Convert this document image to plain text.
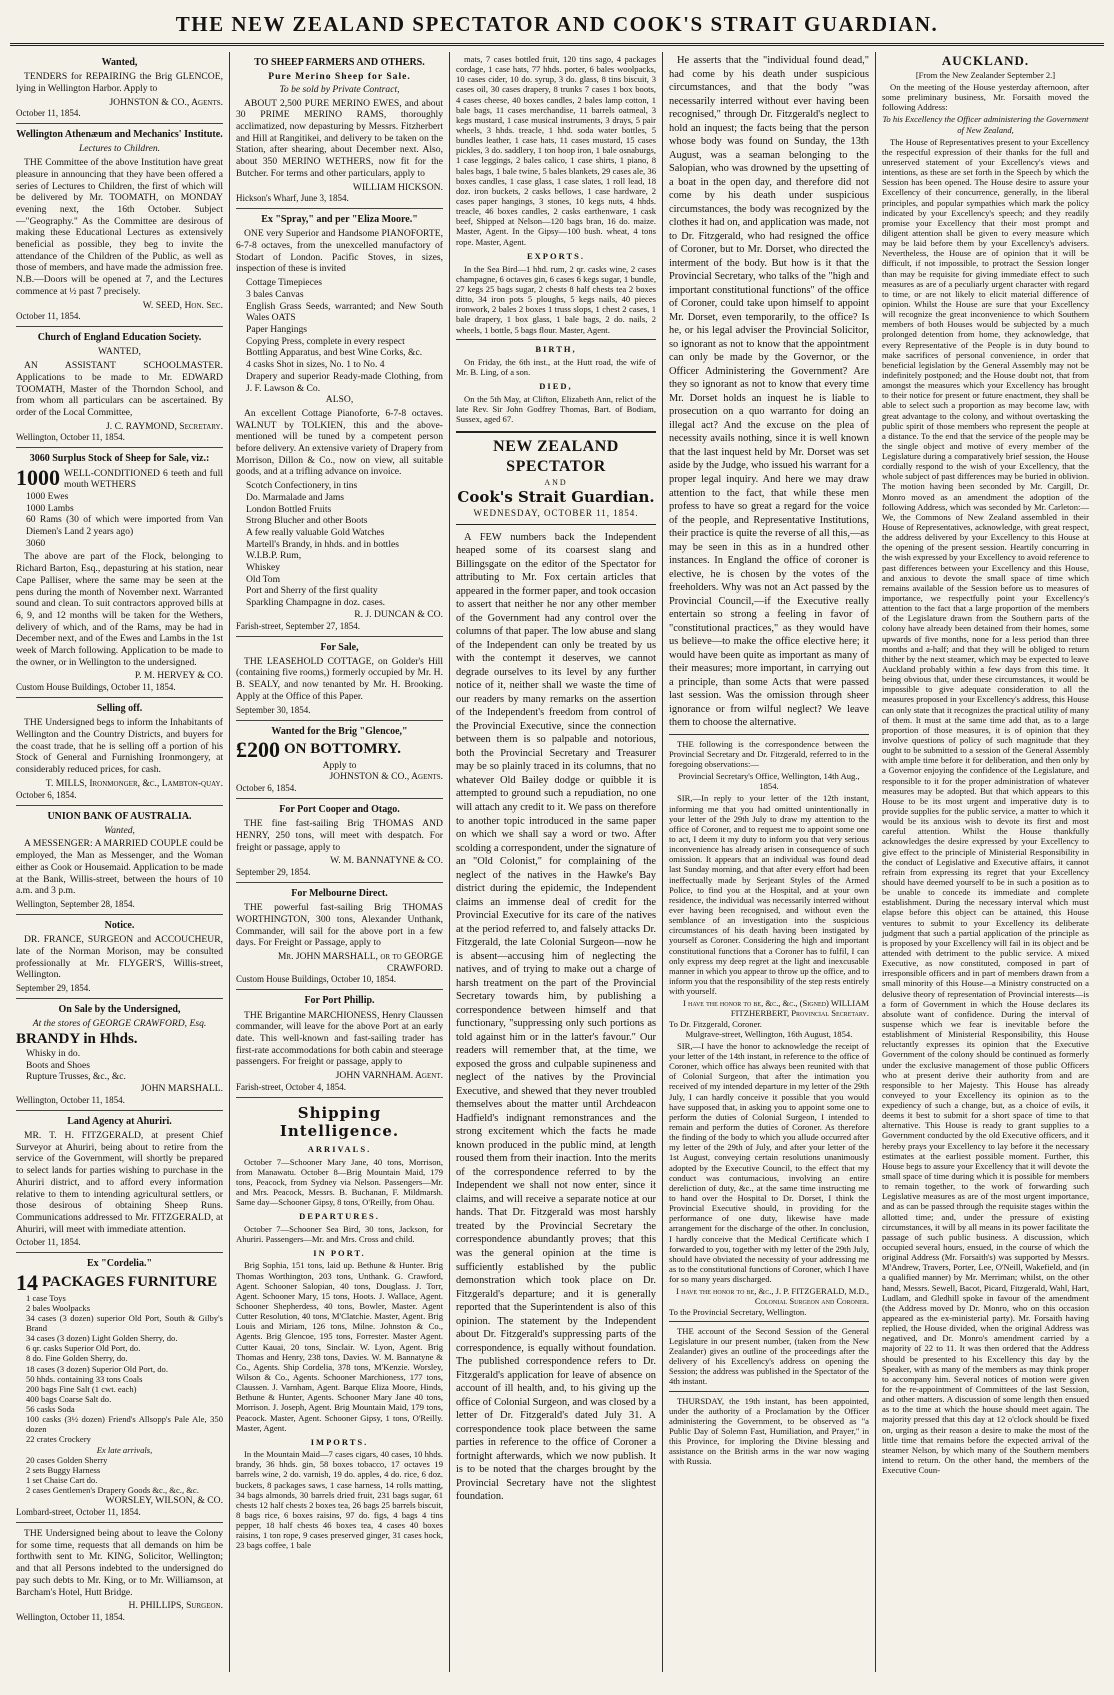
THE NEW ZEALAND SPECTATOR AND COOK'S STRAIT GUARDIAN.
Wanted,

TENDERS for REPAIRING the Brig GLENCOE, lying in Wellington Harbor. Apply to

JOHNSTON & CO., Agents.
October 11, 1854.
Wellington Athenæum and Mechanics' Institute.
Lectures to Children.

THE Committee of the above Institution have great pleasure in announcing that they have been offered a series of Lectures to Children, the first of which will be delivered by Mr. TOOMATH, on MONDAY evening next, the 16th October. Subject—"Geography." As the Committee are desirous of making these Educational Lectures as extensively beneficial as possible, they beg to invite the attendance of the Children of the Public, as well as those of members, and have made the admission free. N.B.—Doors will be opened at 7, and the Lectures commence at ½ past 7 precisely.

W. SEED, Hon. Sec.
October 11, 1854.
Church of England Education Society.
WANTED,

AN ASSISTANT SCHOOLMASTER. Applications to be made to Mr. EDWARD TOOMATH, Master of the Thorndon School, and from whom all particulars can be ascertained. By order of the Local Committee,

J. C. RAYMOND, Secretary.
Wellington, October 11, 1854.
3060 Surplus Stock of Sheep for Sale, viz.:
1000 WELL-CONDITIONED 6 teeth and full mouth WETHERS
1000 Ewes
1000 Lambs
60 Rams (30 of which were imported from Van Diemen's Land 2 years ago)
3060

The above are part of the Flock, belonging to Richard Barton, Esq., depasturing at his station, near Cape Palliser, where the same may be seen at the pens during the month of November next. Warranted sound and clean. To suit contractors approved bills at 6, 9, and 12 months will be taken for the Wethers, delivery of which, and of the Rams, may be had in December next, and of the Ewes and Lambs in the 1st week of March following. Application to be made to the owner, or in Wellington to the undersigned.

P. M. HERVEY & CO.
Custom House Buildings, October 11, 1854.
Selling off.

THE Undersigned begs to inform the Inhabitants of Wellington and the Country Districts, and buyers for the coast trade, that he is selling off a portion of his Stock of General and Furnishing Ironmongery, at considerably reduced prices, for cash.

T. MILLS, Ironmonger, &c., Lambton-quay.
October 6, 1854.
UNION BANK OF AUSTRALIA.
Wanted,

A MESSENGER: A MARRIED COUPLE could be employed, the Man as Messenger, and the Woman either as Cook or Housemaid. Application to be made at the Bank, Willis-street, between the hours of 10 a.m. and 3 p.m.

Wellington, September 28, 1854.
Notice.

DR. FRANCE, SURGEON and ACCOUCHEUR, late of the Norman Morison, may be consulted professionally at Mr. FLYGER'S, Willis-street, Wellington.

September 29, 1854.
On Sale by the Undersigned,
At the stores of GEORGE CRAWFORD, Esq.
BRANDY in Hhds.
Whisky in do.
Boots and Shoes
Rupture Trusses, &c., &c.
JOHN MARSHALL.
Wellington, October 11, 1854.
Land Agency at Ahuriri.

MR. T. H. FITZGERALD, at present Chief Surveyor at Ahuriri, being about to retire from the service of the Government, will shortly be prepared to select lands for parties wishing to purchase in the Ahuriri district, and to afford every information relative to them to intending agricultural settlers, or those desirous of obtaining Sheep Runs. Communications addressed to Mr. FITZGERALD, at Ahuriri, will meet with immediate attention.

October 11, 1854.
Ex "Cordelia."
14 PACKAGES FURNITURE
1 case Toys
2 bales Woolpacks
34 cases (3 dozen) superior Old Port, South & Gilby's Brand
34 cases (3 dozen) Light Golden Sherry, do.
6 qr. casks Superior Old Port, do.
8 do. Fine Golden Sherry, do.
18 cases (3 dozen) Superior Old Port, do.
50 hhds. containing 33 tons Coals
200 bags Fine Salt (1 cwt. each)
400 bags Coarse Salt do.
56 casks Soda
100 casks (3½ dozen) Friend's Allsopp's Pale Ale, 350 dozen
22 crates Crockery
Ex late arrivals,
20 cases Golden Sherry
2 sets Buggy Harness
1 set Chaise Cart do.
2 cases Gentlemen's Drapery Goods &c., &c., &c.
WORSLEY, WILSON, & CO.
Lombard-street, October 11, 1854.

THE Undersigned being about to leave the Colony for some time, requests that all demands on him be forthwith sent to Mr. KING, Solicitor, Wellington; and that all Persons indebted to the undersigned do pay such debts to Mr. King, or to Mr. Williamson, at Barcham's Hotel, Hutt Bridge.

H. PHILLIPS, Surgeon.
Wellington, October 11, 1854.
TO SHEEP FARMERS AND OTHERS.
Pure Merino Sheep for Sale.
To be sold by Private Contract,

ABOUT 2,500 PURE MERINO EWES, and about 30 PRIME MERINO RAMS, thoroughly acclimatized, now depasturing by Messrs. Fitzherbert and Hill at Rangitikei, and delivery to be taken on the Station, after shearing, about December next. Also, about 350 MERINO WETHERS, now fit for the Butcher. For terms and other particulars, apply to

WILLIAM HICKSON.
Hickson's Wharf, June 3, 1854.
Ex "Spray," and per "Eliza Moore."

ONE very Superior and Handsome PIANOFORTE, 6-7-8 octaves, from the unexcelled manufactory of Stodart of London. Pacific Stoves, in sizes, inspection of these is invited

Cottage Timepieces
3 bales Canvas
English Grass Seeds, warranted; and New South Wales OATS
Paper Hangings
Copying Press, complete in every respect
Bottling Apparatus, and best Wine Corks, &c.
4 casks Shot in sizes, No. 1 to No. 4
Drapery and superior Ready-made Clothing, from J. F. Lawson & Co.
ALSO,

An excellent Cottage Pianoforte, 6-7-8 octaves. WALNUT by TOLKIEN, this and the above-mentioned will be tuned by a competent person before delivery. An extensive variety of Drapery from Morrison, Dillon & Co., now on view, all suitable goods, and at a trifling advance on invoice.

Scotch Confectionery, in tins
Do. Marmalade and Jams
London Bottled Fruits
Strong Blucher and other Boots
A few really valuable Gold Watches
Martell's Brandy, in hhds. and in bottles
W.I.B.P. Rum,
Whiskey
Old Tom
Port and Sherry of the first quality
Sparkling Champagne in doz. cases.
R. J. DUNCAN & CO.
Farish-street, September 27, 1854.
For Sale,

THE LEASEHOLD COTTAGE, on Golder's Hill (containing five rooms,) formerly occupied by Mr. H. B. SEALY, and now tenanted by Mr. H. Brooking. Apply at the Office of this Paper.

September 30, 1854.
Wanted for the Brig "Glencoe,"
£200 ON BOTTOMRY.
Apply to
JOHNSTON & CO., Agents.
October 6, 1854.
For Port Cooper and Otago.

THE fine fast-sailing Brig THOMAS AND HENRY, 250 tons, will meet with despatch. For freight or passage, apply to

W. M. BANNATYNE & CO.
September 29, 1854.
For Melbourne Direct.

THE powerful fast-sailing Brig THOMAS WORTHINGTON, 300 tons, Alexander Unthank, Commander, will sail for the above port in a few days. For Freight or Passage, apply to

Mr. JOHN MARSHALL, or to GEORGE CRAWFORD.
Custom House Buildings, October 10, 1854.
For Port Phillip.

THE Brigantine MARCHIONESS, Henry Claussen commander, will leave for the above Port at an early date. This well-known and fast-sailing trader has first-rate accommodations for both cabin and steerage passengers. For freight or passage, apply to

JOHN VARNHAM. Agent.
Farish-street, October 4, 1854.
Shipping Intelligence.
ARRIVALS.

October 7—Schooner Mary Jane, 40 tons, Morrison, from Manawatu. October 8—Brig Mountain Maid, 179 tons, Peacock, from Sydney via Nelson. Passengers—Mr. and Mrs. Peacock, Messrs. B. Buchanan, F. Mildmarsh. Same day—Schooner Gipsy, 8 tons, O'Reilly, from Ohau.

DEPARTURES.

October 7—Schooner Sea Bird, 30 tons, Jackson, for Ahuriri. Passengers—Mr. and Mrs. Cross and child.

IN PORT.

Brig Sophia, 151 tons, laid up. Bethune & Hunter. Brig Thomas Worthington, 203 tons, Unthank. G. Crawford, Agent. Schooner Salopian, 40 tons, Douglass. J. Torr, Agent. Schooner Mary, 15 tons, Hoots. J. Wallace, Agent. Schooner Shepherdess, 40 tons, Bowler, Master. Agent Cutter Resolution, 40 tons, M'Clatchie. Master, Agent. Brig Louis and Miriam, 126 tons, Milne. Johnston & Co., Agents. Brig Glencoe, 195 tons, Forrester. Master Agent. Cutter Kauai, 20 tons, Sinclair. W. Lyon, Agent. Brig Thomas and Henry, 238 tons, Davies. W. M. Bannatyne & Co., Agents. Ship Cordelia, 378 tons, M'Kenzie. Worsley, Wilson & Co., Agents. Schooner Marchioness, 177 tons, Claussen. J. Varnham, Agent. Barque Eliza Moore, Hinds, Bethune & Hunter, Agents. Schooner Mary Jane 40 tons, Morrison. J. Joseph, Agent. Brig Mountain Maid, 179 tons, Peacock. Master, Agent. Schooner Gipsy, 1 tons, O'Reilly. Master, Agent.

IMPORTS.

In the Mountain Maid—7 cases cigars, 40 cases, 10 hhds. brandy, 36 hhds. gin, 58 boxes tobacco, 17 octaves 19 barrels wine, 2 do. varnish, 19 do. apples, 4 do. rice, 6 doz. buckets, 8 packages saws, 1 case harness, 14 rolls matting, 34 bags almonds, 30 barrels dried fruit, 231 bags sugar, 61 chests 12 half chests 2 boxes tea, 26 bags 25 barrels biscuit, 8 bags rice, 6 boxes raisins, 97 do. figs, 4 bags 4 tins pepper, 18 half chests 46 boxes tea, 4 cases 40 boxes raisins, 1 ton rope, 9 cases preserved ginger, 31 cases hock, 23 bags coffee, 1 bale

mats, 7 cases bottled fruit, 120 tins sago, 4 packages cordage, 1 case hats, 77 hhds. porter, 6 bales woolpacks, 10 cases cider, 10 do. syrup, 3 do. glass, 8 tins biscuit, 3 cases oil, 30 cases drapery, 8 trunks 7 cases 1 box boots, 4 cases cheese, 40 boxes candles, 2 bales lamp cotton, 1 bale bags, 11 cases merchandise, 11 barrels oatmeal, 3 kegs mustard, 1 case musical instruments, 3 drays, 5 pair wheels, 3 hhds. treacle, 1 hhd. soda water bottles, 5 bundles leather, 1 case hats, 11 cases mustard, 15 cases pickles, 3 do. saddlery, 1 ton hoop iron, 1 bale osnaburgs, 1 case leggings, 2 bales calico, 1 case shirts, 1 piano, 8 bales bags, 1 bale twine, 5 bales blankets, 29 cases ale, 36 boxes candles, 1 case glass, 1 case slates, 1 roll lead, 18 doz. iron buckets, 2 casks bellows, 1 case hardware, 2 cases paper hangings, 3 stones, 10 kegs nuts, 4 hhds. treacle, 46 boxes candles, 2 casks earthenware, 1 cask beef, Shipped at Nelson—120 bags bran, 16 do. maize. Master, Agent. In the Gipsy—100 bush. wheat, 4 tons rope. Master, Agent.

EXPORTS.

In the Sea Bird—1 hhd. rum, 2 qr. casks wine, 2 cases champagne, 6 octaves gin, 6 cases 6 kegs sugar, 1 bundle, 27 kegs 25 bags sugar, 2 chests 8 half chests tea 2 boxes ditto, 34 iron pots 5 ploughs, 5 kegs nails, 40 pieces ironwork, 2 bales 2 boxes 1 truss slops, 1 chest 2 cases, 1 bale drapery, 1 box glass, 1 bale bags, 2 do. nails, 2 wheels, 1 bottle, 5 bags flour. Master, Agent.

BIRTH,

On Friday, the 6th inst., at the Hutt road, the wife of Mr. B. Ling, of a son.

DIED,

On the 5th May, at Clifton, Elizabeth Ann, relict of the late Rev. Sir John Godfrey Thomas, Bart. of Bodiam, Sussex, aged 67.

NEW ZEALAND SPECTATOR
AND
Cook's Strait Guardian.
WEDNESDAY, OCTOBER 11, 1854.

A FEW numbers back the Independent heaped some of its coarsest slang and Billingsgate on the editor of the Spectator for attributing to Mr. Fox certain articles that appeared in the former paper, and took occasion to assert that neither he nor any other member of the Government had any control over the columns of that paper. The low abuse and slang of the Independent can only be treated by us with the contempt it deserves, we cannot degrade ourselves to its level by any further notice of it, neither shall we waste the time of our readers by many remarks on the assertion of the Independent's freedom from control of the Provincial Executive, since the connection between them is so palpable and notorious, both the Provincial Secretary and Treasurer may be so plainly traced in its columns, that no whatever Old Bailey dodge or quibble it is attempted to ground such a repudiation, no one will attach any credit to it. We pass on therefore to another topic introduced in the same paper on which we shall say a word or two. After scolding a correspondent, under the signature of an "Old Colonist," for complaining of the neglect of the natives in the Hawke's Bay district during the epidemic, the Independent claims an immense deal of credit for the Provincial Executive for its care of the natives at the period referred to, and falsely attacks Dr. Fitzgerald, the late Colonial Surgeon—now he is absent—accusing him of neglecting the natives, and of trying to make out a charge of harsh treatment on the part of the Provincial Secretary towards him, by publishing a correspondence between himself and that functionary, "suppressing only such portions as told against him or in the latter's favour." Our readers will remember that, at the time, we exposed the gross and culpable supineness and neglect of the natives by the Provincial Executive, and shewed that they never troubled themselves about the matter until Archdeacon Hadfield's indignant remonstrances and the strong excitement which the facts he made known produced in the public mind, at length roused them from their inaction. Into the merits of the correspondence referred to by the Independent we shall not now enter, since it claims, and will receive a separate notice at our hands. That Dr. Fitzgerald was most harshly treated by the Provincial Secretary the correspondence abundantly proves; that this was the general opinion at the time is sufficiently established by the public demonstration which took place on Dr. Fitzgerald's departure; and it is generally reported that the Superintendent is also of this opinion. The statement by the Independent about Dr. Fitzgerald's suppressing parts of the correspondence, is equally without foundation. The published correspondence refers to Dr. Fitzgerald's application for leave of absence on account of ill health, and, to his giving up the office of Colonial Surgeon, and was closed by a letter of Dr. Fitzgerald's dated July 31. A correspondence took place between the same parties in reference to the office of Coroner a fortnight afterwards, which we now publish. It is to be noted that the charges brought by the Provincial Secretary have not the slightest foundation.

He asserts that the "individual found dead," had come by his death under suspicious circumstances, and that the body "was necessarily interred without ever having been recognised," through Dr. Fitzgerald's neglect to hold an inquest; the facts being that the person whose body was found on Sunday, the 13th August, was a seaman belonging to the Salopian, who was drowned by the upsetting of a boat in the open day, and therefore did not come by his death under suspicious circumstances, the body was recognized by the clothes it had on, and application was made, not to Dr. Fitzgerald, who had resigned the office of Coroner, but to Mr. Dorset, who directed the interment of the body. But how is it that the Provincial Secretary, who talks of the "high and important constitutional functions" of the office of Coroner, could take upon himself to appoint Mr. Dorset, even temporarily, to the office? Is he, or his legal adviser the Provincial Solicitor, so ignorant as not to know that the appointment can only be made by the Governor, or the Officer Administering the Government? Are they so ignorant as not to know that every time Mr. Dorset holds an inquest he is liable to prosecution on a quo warranto for doing an illegal act? And the excuse on the plea of necessity avails nothing, since it is well known that the last inquest held by Mr. Dorset was set aside by the Judge, who issued his warrant for a proper legal inquiry. And here we may draw attention to the fact, that while these men profess to have so great a regard for the voice of the people, and Representative Institutions, their practice is quite the reverse of all this,—as may be seen in this as in a hundred other instances. In England the office of coroner is elective, he is chosen by the votes of the freeholders. Why was not an Act passed by the Provincial Council,—if the Executive really entertain so strong a feeling in favor of "constitutional practices," as they would have us believe—to make the office elective here; it would have been quite as important as many of their measures; more important, in carrying out a principle, than some Acts that were passed last session. Was the omission through sheer ignorance or from wilful neglect? We leave them to choose the alternative.

THE following is the correspondence between the Provincial Secretary and Dr. Fitzgerald, referred to in the foregoing observations:—

Provincial Secretary's Office, Wellington, 14th Aug., 1854.

SIR,—In reply to your letter of the 12th instant, informing me that you had omitted unintentionally in your letter of the 29th July to draw my attention to the office of Coroner, and to request me to appoint some one to act, I deem it my duty to inform you that very serious inconvenience has already arisen in consequence of such omission. It appears that an individual was found dead last Sunday morning, and that after every effort had been ineffectually made by Serjeant Styles of the Armed Police, to find you at the Hospital, and at your own residence, the individual was necessarily interred without ever having been recognised, and without even the semblance of an investigation into the suspicious circumstances of his death having been instigated by yourself as Coroner. Considering the high and important constitutional functions that a Coroner has to fulfil, I can only express my deep regret at the light and inexcusable manner in which you appear to throw up the office, and to inform you that the responsibility of the step rests entirely with yourself.

I have the honor to be, &c., &c., (Signed) WILLIAM FITZHERBERT, Provincial Secretary.
To Dr. Fitzgerald, Coroner.
Mulgrave-street, Wellington, 16th August, 1854.

SIR,—I have the honor to acknowledge the receipt of your letter of the 14th instant, in reference to the office of Coroner, which office has always been reunited with that of Colonial Surgeon, that after the intimation you received of my intended departure in my letter of the 29th July, I can hardly conceive it possible that you would have supposed that, in asking you to appoint some one to perform the duties of Colonial Surgeon, I intended to remain and perform the duties of Coroner. As therefore the finding of the body to which you allude occurred after my letter of the 29th of July, and after your letter of the 1st August, conveying certain resolutions unanimously adopted by the Executive Council, to the effect that my conduct was contumacious, involving an entire dereliction of duty, &c., at the same time instructing me to hand over the Hospital to Dr. Dorset, I think the Provincial Executive should, in providing for the performance of one duty, likewise have made arrangement for the discharge of the other. In conclusion, I hardly conceive that the Medical Certificate which I forwarded to you, together with my letter of the 29th July, should have obviated the necessity of your addressing me as to the constitutional functions of Coroner, which I have for so many years discharged.

I have the honor to be, &c., J. P. FITZGERALD, M.D., Colonial Surgeon and Coroner.
To the Provincial Secretary, Wellington.

THE account of the Second Session of the General Legislature in our present number, (taken from the New Zealander) gives an outline of the proceedings after the delivery of his Excellency's address on opening the Session; the address was published in the Spectator of the 4th instant.

THURSDAY, the 19th instant, has been appointed, under the authority of a Proclamation by the Officer administering the Government, to be observed as "a Public Day of Solemn Fast, Humiliation, and Prayer," in this Province, for imploring the Divine blessing and assistance on the British arms in the war now waging with Russia.

AUCKLAND.
[From the New Zealander September 2.]

On the meeting of the House yesterday afternoon, after some preliminary business, Mr. Forsaith moved the following Address:

To his Excellency the Officer administering the Government of New Zealand,

The House of Representatives present to your Excellency the respectful expression of their thanks for the full and unreserved statement of your Excellency's views and intentions, as these are set forth in the Speech by which the Session has been opened. The House desire to assure your Excellency of their concurrence, generally, in the liberal principles, and popular sympathies which mark the policy indicated by your Excellency's speech; and they readily promise your Excellency that their most prompt and diligent attention shall be given to every measure which may be laid before them by your Excellency's advisers. Nevertheless, the House are of opinion that it will be difficult, if not impossible, to protract the Session longer than may be requisite for giving immediate effect to such measures as are of a peculiarly urgent character with regard to time, or are not likely to elicit material difference of opinion. Whilst the House are sure that your Excellency will recognize the great inconvenience to which Southern members of both Houses would be subjected by a much prolonged detention from home, they acknowledge, that every Representative of the People is in duty bound to make sacrifices of personal convenience, in order that beneficial legislation by the General Assembly may not be indefinitely postponed; and the House doubt not, that from amongst the measures which your Excellency has brought to their notice for present or future enactment, they shall be able to select such a proportion as may become law, with great advantage to the colony, and without overtasking the public spirit of those members who represent the people at a distance. To the end that the service of the people may be the single object and motive of every member of the Legislature during a comparatively brief session, the House cordially respond to the wish of your Excellency, that the whole subject of past differences may be buried in oblivion. The motion having been seconded by Mr. Cargill, Dr. Monro moved as an amendment the adoption of the following Address, which was seconded by Mr. Carleton:— We, the Commons of New Zealand assembled in their House of Representatives, acknowledge, with great respect, the address delivered by your Excellency to this House at the opening of the present session. Heartily concurring in the wish expressed by your Excellency to avoid reference to past differences between your Excellency and this House, and anxious to devote the small space of time which remains available of the Session before us to measures of importance, we respectfully point your Excellency's attention to the fact that a large proportion of the members of the Legislature drawn from the Southern parts of the colony have already been detained from their homes, some upwards of five months, none for a less period than three months and a-half; and that they will be obliged to return thither by the next steamer, which may be expected to leave Auckland probably within a few days from this time. It being obvious that, under these circumstances, it would be impossible to give adequate consideration to all the measures proposed in your Excellency's address, this House can only state that it recognizes the practical utility of many of them. It must at the same time add that, as to a large proportion of those measures, it is of opinion that they involve questions of policy of such magnitude that they ought to be submitted to a session of the General Assembly with ample time before it for deliberation, and then only by a Governor enjoying the confidence of the Legislature, and responsible to it for the proper administration of whatever measures may be adopted. But that which appears to this House to be its most urgent and imperative duty is to provide supplies for the public service, a matter to which it would be its anxious wish to devote its first and most careful attention. Whilst the House thankfully acknowledges the desire expressed by your Excellency to give effect to the principle of Ministerial Responsibility in the conduct of Legislative and Executive affairs, it cannot refrain from expressing its regret that your Excellency should have deemed yourself to be in such a position as to be unable to concede its immediate and complete establishment. During the necessary interval which must elapse before this object can be attained, this House ventures to submit to your Excellency its deliberate judgment that such a partial application of the principle as is proposed by your Excellency will fail in its object and be attended with detriment to the public service. A mixed Executive, as now constituted, composed in part of irresponsible officers and in part of members drawn from a small minority of this House—a Ministry constructed on a delusive theory of representation of Provincial interests—is a form of Government in which the House declares its absolute want of confidence. During the interval of suspense which we fear is inevitable before the establishment of Ministerial Responsibility, this House reluctantly expresses its opinion that the Executive Government of the colony should be continued as formerly under the exclusive management of those public Officers who at present derive their authority from and are responsible to her Majesty. This House has already conveyed to your Excellency its opinion as to the expediency of such a change, but, as a choice of evils, it deems it best to submit for a short space of time to that alternative. This House is ready to grant supplies to a Government conducted by the old Executive officers, and it hereby prays your Excellency to lay before it the necessary estimates at the earliest possible moment. Further, this House begs to assure your Excellency that it will devote the small space of time during which it is possible for members to remain together, to the work of forwarding such Legislative measures as are of the most urgent importance, and as can be passed through the requisite stages within the allotted time; and, under the pressure of existing circumstances, it will by all means in its power facilitate the passage of such public business. A discussion, which occupied several hours, ensued, in the course of which the original Address (Mr. Forsaith's) was supported by Messrs. M'Andrew, Travers, Porter, Lee, O'Neill, Wakefield, and (in a qualified manner) by Mr. Merriman; whilst, on the other hand, Messrs. Sewell, Bacot, Picard, Fitzgerald, Wahl, Hart, Ludlam, and Gledhill spoke in favour of the amendment (the Address moved by Dr. Monro, who on this occasion appeared as the ex-ministerial party). Mr. Forsaith having replied, the House divided, when the original Address was negatived, and Dr. Monro's amendment carried by a majority of 22 to 11. It was then ordered that the Address should be presented to his Excellency this day by the Speaker, with as many of the members as may think proper to accompany him. Several notices of motion were given for the re-appointment of Committees of the last Session, and other matters. A discussion of some length then ensued as to the time at which the house should meet again. The majority pressed that this day at 12 o'clock should be fixed on, urging as their reason a desire to make the most of the little time that remains before the expected arrival of the steamer Nelson, by which many of the Southern members intend to return. On the other hand, the members of the Executive Coun-
